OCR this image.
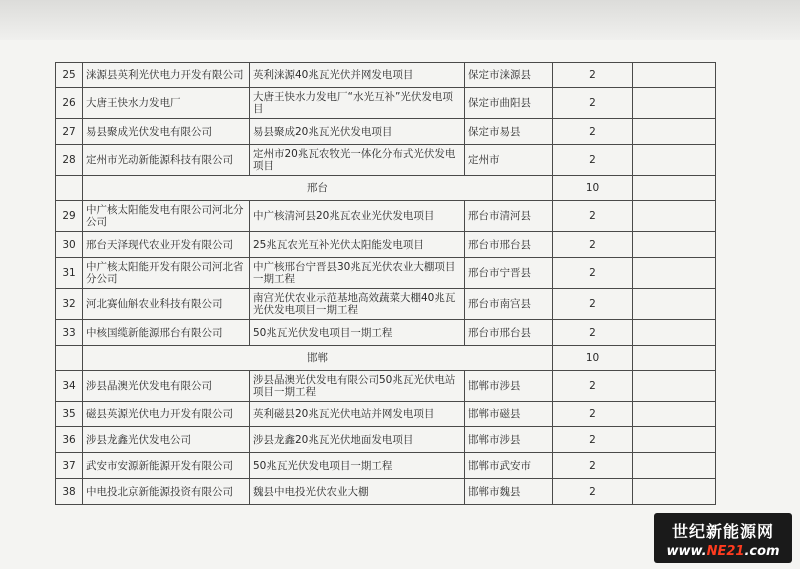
25	涞源县英利光伏电力开发有限公司	英利涞源40兆瓦光伏并网发电项目	保定市涞源县	2	
26	大唐王快水力发电厂	大唐王快水力发电厂“水光互补”光伏发电项目	保定市曲阳县	2	
27	易县聚成光伏发电有限公司	易县聚成20兆瓦光伏发电项目	保定市易县	2	
28	定州市光动新能源科技有限公司	定州市20兆瓦农牧光一体化分布式光伏发电项目	定州市	2	
	邢台			10	
29	中广核太阳能发电有限公司河北分公司	中广核清河县20兆瓦农业光伏发电项目	邢台市清河县	2	
30	邢台天泽现代农业开发有限公司	25兆瓦农光互补光伏太阳能发电项目	邢台市邢台县	2	
31	中广核太阳能开发有限公司河北省分公司	中广核邢台宁晋县30兆瓦光伏农业大棚项目一期工程	邢台市宁晋县	2	
32	河北赛仙斛农业科技有限公司	南宫光伏农业示范基地高效蔬菜大棚40兆瓦光伏发电项目一期工程	邢台市南宫县	2	
33	中核国缆新能源邢台有限公司	50兆瓦光伏发电项目一期工程	邢台市邢台县	2	
	邯郸			10	
34	涉县晶澳光伏发电有限公司	涉县晶澳光伏发电有限公司50兆瓦光伏电站项目一期工程	邯郸市涉县	2	
35	磁县英源光伏电力开发有限公司	英利磁县20兆瓦光伏电站并网发电项目	邯郸市磁县	2	
36	涉县龙鑫光伏发电公司	涉县龙鑫20兆瓦光伏地面发电项目	邯郸市涉县	2	
37	武安市安源新能源开发有限公司	50兆瓦光伏发电项目一期工程	邯郸市武安市	2	
38	中电投北京新能源投资有限公司	魏县中电投光伏农业大棚	邯郸市魏县	2	
世纪新能源网
www.NE21.com
